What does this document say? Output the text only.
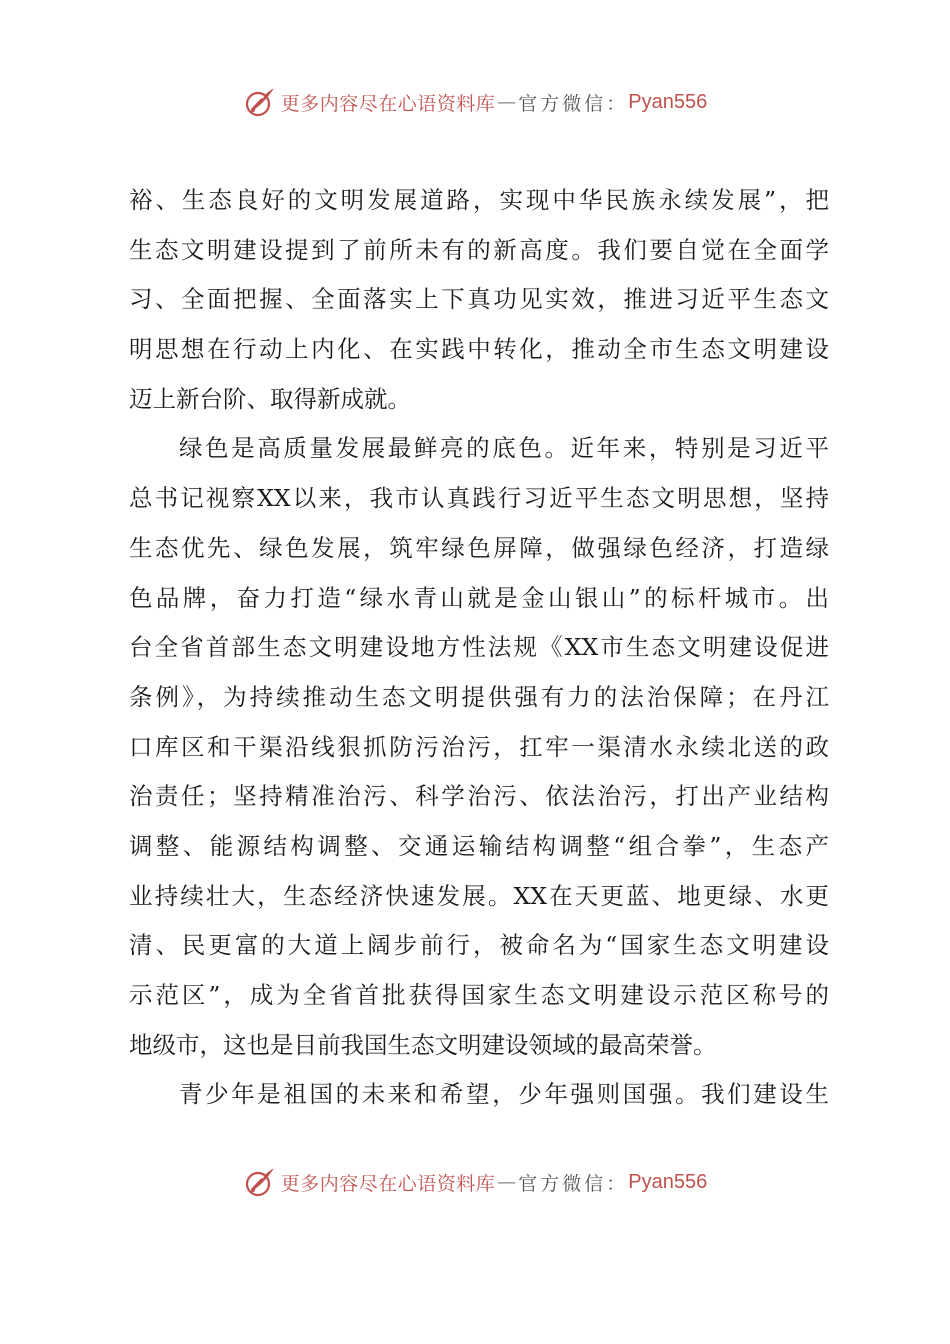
更多内容尽在心语资料库 — 官方微信： Pyan556
裕、生态良好的文明发展道路，实现中华民族永续发展”，把
生态文明建设提到了前所未有的新高度。我们要自觉在全面学
习、全面把握、全面落实上下真功见实效，推进习近平生态文
明思想在行动上内化、在实践中转化，推动全市生态文明建设
迈上新台阶、取得新成就。
绿色是高质量发展最鲜亮的底色。近年来，特别是习近平
总书记视察XX以来，我市认真践行习近平生态文明思想，坚持
生态优先、绿色发展，筑牢绿色屏障，做强绿色经济，打造绿
色品牌，奋力打造“绿水青山就是金山银山”的标杆城市。出
台全省首部生态文明建设地方性法规《XX市生态文明建设促进
条例》，为持续推动生态文明提供强有力的法治保障；在丹江
口库区和干渠沿线狠抓防污治污，扛牢一渠清水永续北送的政
治责任；坚持精准治污、科学治污、依法治污，打出产业结构
调整、能源结构调整、交通运输结构调整“组合拳”，生态产
业持续壮大，生态经济快速发展。XX在天更蓝、地更绿、水更
清、民更富的大道上阔步前行，被命名为“国家生态文明建设
示范区”，成为全省首批获得国家生态文明建设示范区称号的
地级市，这也是目前我国生态文明建设领域的最高荣誉。
青少年是祖国的未来和希望，少年强则国强。我们建设生
更多内容尽在心语资料库 — 官方微信： Pyan556
